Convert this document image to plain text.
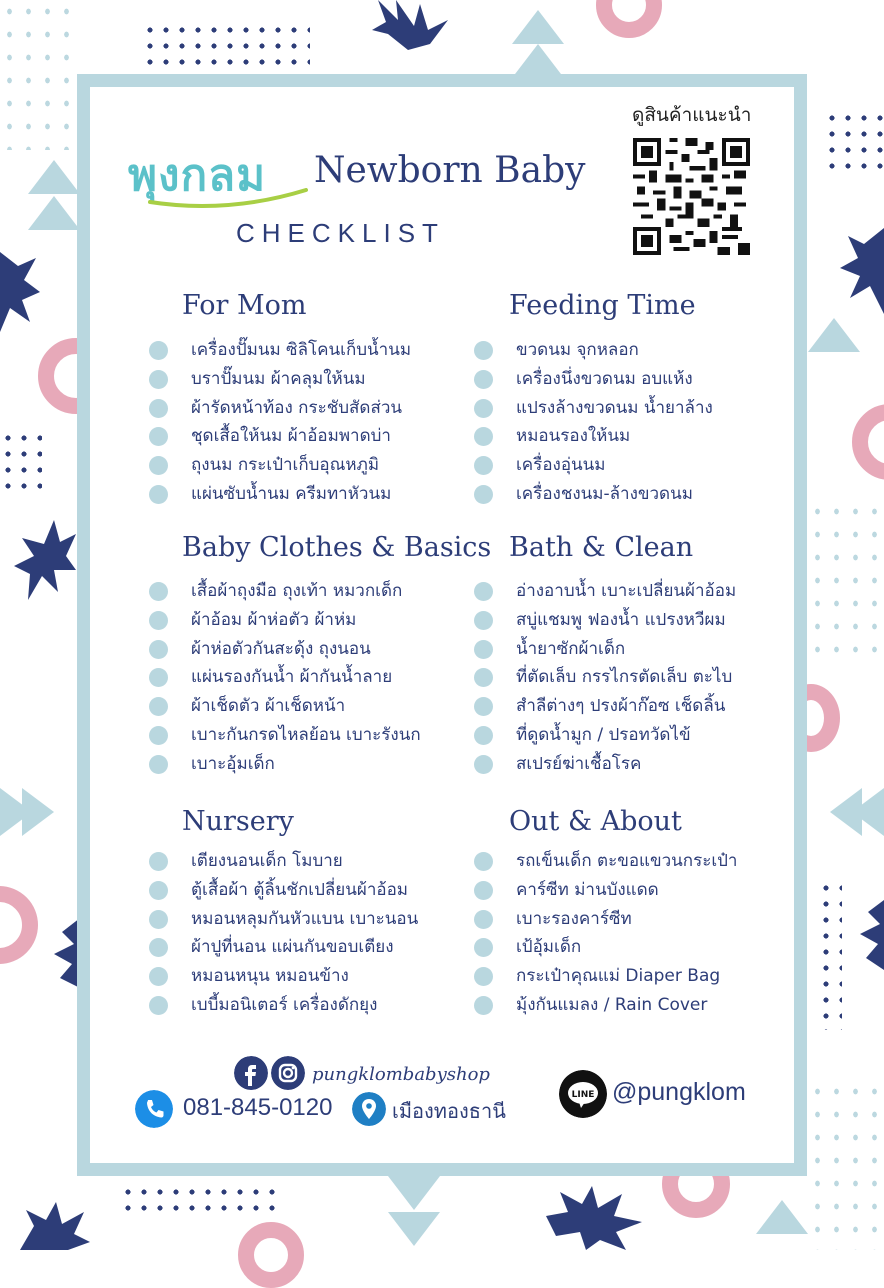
พุงกลม Newborn Baby
CHECKLIST
ดูสินค้าแนะนำ
For Mom
เครื่องปั๊มนม ซิลิโคนเก็บน้ำนม
บราปั๊มนม ผ้าคลุมให้นม
ผ้ารัดหน้าท้อง กระชับสัดส่วน
ชุดเสื้อให้นม ผ้าอ้อมพาดบ่า
ถุงนม กระเป๋าเก็บอุณหภูมิ
แผ่นซับน้ำนม ครีมทาหัวนม
Feeding Time
ขวดนม จุกหลอก
เครื่องนึ่งขวดนม อบแห้ง
แปรงล้างขวดนม น้ำยาล้าง
หมอนรองให้นม
เครื่องอุ่นนม
เครื่องชงนม-ล้างขวดนม
Baby Clothes & Basics
เสื้อผ้าถุงมือ ถุงเท้า หมวกเด็ก
ผ้าอ้อม ผ้าห่อตัว ผ้าห่ม
ผ้าห่อตัวกันสะดุ้ง ถุงนอน
แผ่นรองกันน้ำ ผ้ากันน้ำลาย
ผ้าเช็ดตัว ผ้าเช็ดหน้า
เบาะกันกรดไหลย้อน เบาะรังนก
เบาะอุ้มเด็ก
Bath & Clean
อ่างอาบน้ำ เบาะเปลี่ยนผ้าอ้อม
สบู่แชมพู ฟองน้ำ แปรงหวีผม
น้ำยาซักผ้าเด็ก
ที่ตัดเล็บ กรรไกรตัดเล็บ ตะไบ
สำลีต่างๆ ปรงผ้าก๊อซ เช็ดลิ้น
ที่ดูดน้ำมูก / ปรอทวัดไข้
สเปรย์ฆ่าเชื้อโรค
Nursery
เตียงนอนเด็ก โมบาย
ตู้เสื้อผ้า ตู้ลิ้นชักเปลี่ยนผ้าอ้อม
หมอนหลุมกันหัวแบน เบาะนอน
ผ้าปูที่นอน แผ่นกันขอบเตียง
หมอนหนุน หมอนข้าง
เบบี้มอนิเตอร์ เครื่องดักยุง
Out & About
รถเข็นเด็ก ตะขอแขวนกระเป๋า
คาร์ซีท ม่านบังแดด
เบาะรองคาร์ซีท
เป้อุ้มเด็ก
กระเป๋าคุณแม่ Diaper Bag
มุ้งกันแมลง / Rain Cover
pungklombabyshop
081-845-0120	เมืองทองธานี
LINE @pungklom
